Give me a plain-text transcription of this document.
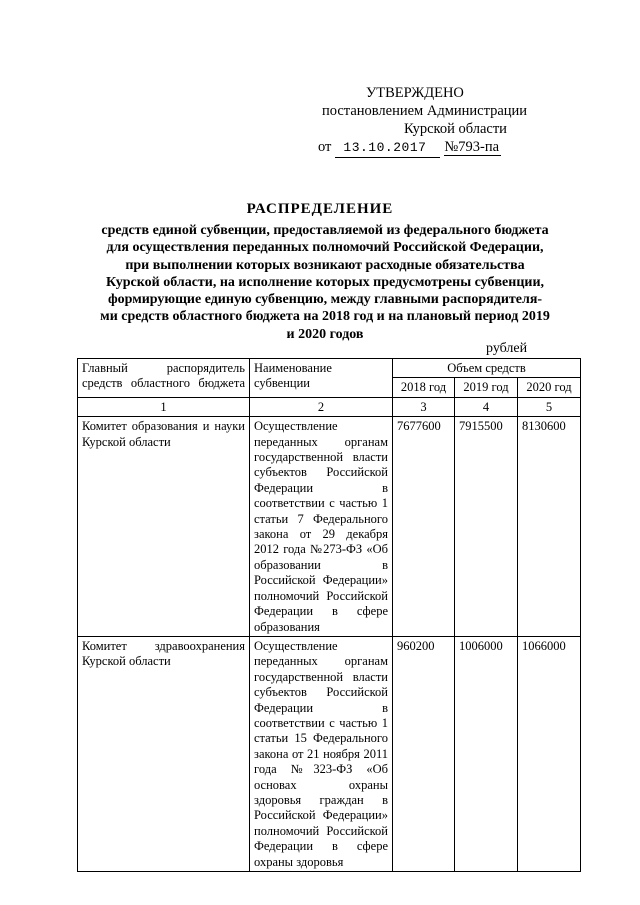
УТВЕРЖДЕНО
постановлением Администрации
Курской области
от 13.10.2017 №793-па
РАСПРЕДЕЛЕНИЕ
средств единой субвенции, предоставляемой из федерального бюджета
для осуществления переданных полномочий Российской Федерации,
при выполнении которых возникают расходные обязательства
Курской области, на исполнение которых предусмотрены субвенции,
формирующие единую субвенцию, между главными распорядителя-
ми средств областного бюджета на 2018 год и на плановый период 2019
и 2020 годов
рублей
Главный распорядитель средств областного бюджета	Наименование субвенции	Объем средств		
		2018 год	2019 год	2020 год
1	2	3	4	5
Комитет образования и науки Курской области	Осуществление переданных органам государственной власти субъектов Российской Федерации в соответствии с частью 1 статьи 7 Федерального закона от 29 декабря 2012 года №273-ФЗ «Об образовании в Российской Федерации» полномочий Российской Федерации в сфере образования	7677600	7915500	8130600
Комитет здравоохранения Курской области	Осуществление переданных органам государственной власти субъектов Российской Федерации в соответствии с частью 1 статьи 15 Федерального закона от 21 ноября 2011 года №323-ФЗ «Об основах охраны здоровья граждан в Российской Федерации» полномочий Российской Федерации в сфере охраны здоровья	960200	1006000	1066000
